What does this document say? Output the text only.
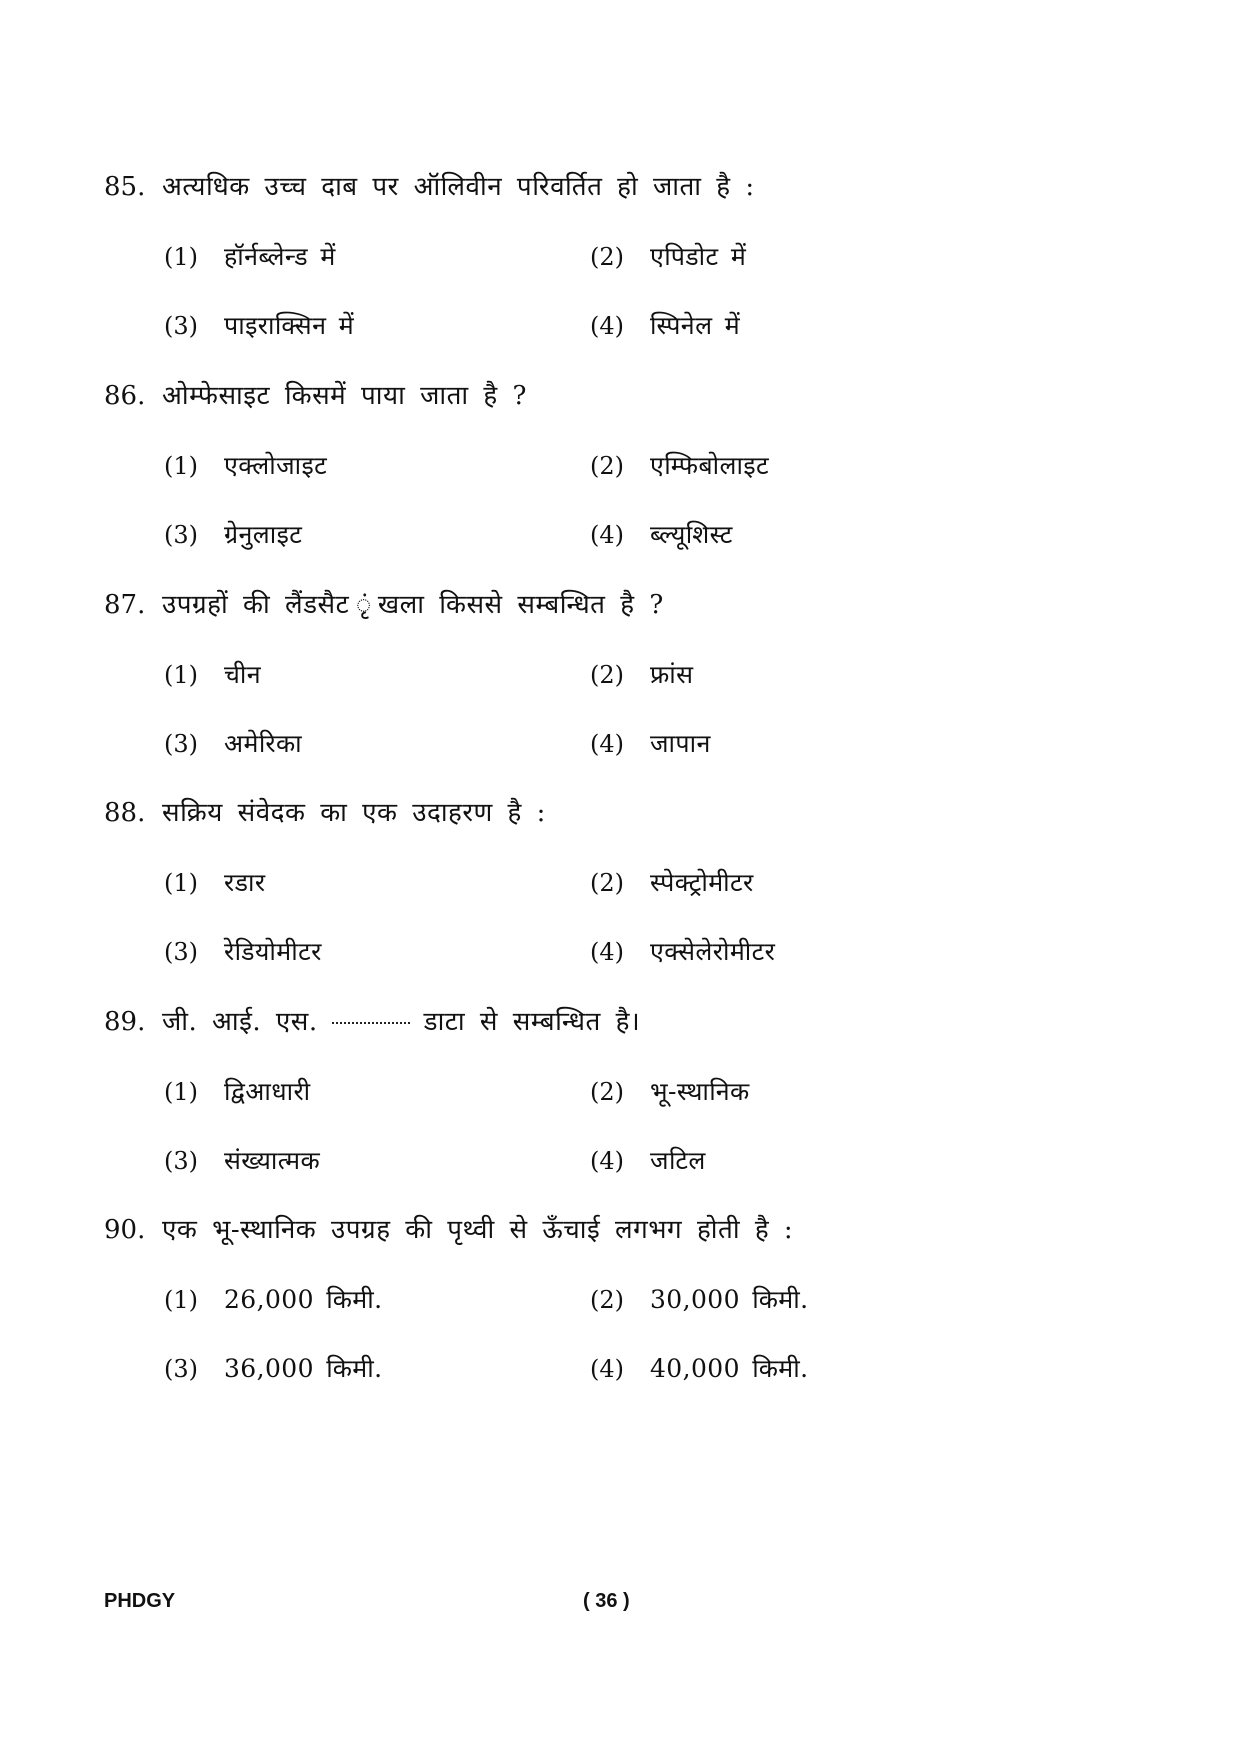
85. अत्यधिक उच्च दाब पर ऑलिवीन परिवर्तित हो जाता है :
(1)	हॉर्नब्लेन्ड में	(2)	एपिडोट में
(3)	पाइराक्सिन में	(4)	स्पिनेल में
86. ओम्फेसाइट किसमें पाया जाता है ?
(1)	एक्लोजाइट	(2)	एम्फिबोलाइट
(3)	ग्रेनुलाइट	(4)	ब्ल्यूशिस्ट
87. उपग्रहों की लैंडसैट ृंखला किससे सम्बन्धित है ?
(1)	चीन	(2)	फ्रांस
(3)	अमेरिका	(4)	जापान
88. सक्रिय संवेदक का एक उदाहरण है :
(1)	रडार	(2)	स्पेक्ट्रोमीटर
(3)	रेडियोमीटर	(4)	एक्सेलेरोमीटर
89. जी. आई. एस.	डाटा से सम्बन्धित है।
(1)	द्विआधारी	(2)	भू-स्थानिक
(3)	संख्यात्मक	(4)	जटिल
90. एक भू-स्थानिक उपग्रह की पृथ्वी से ऊँचाई लगभग होती है :
(1)	26,000 किमी.	(2)	30,000 किमी.
(3)	36,000 किमी.	(4)	40,000 किमी.
PHDGY	( 36 )
